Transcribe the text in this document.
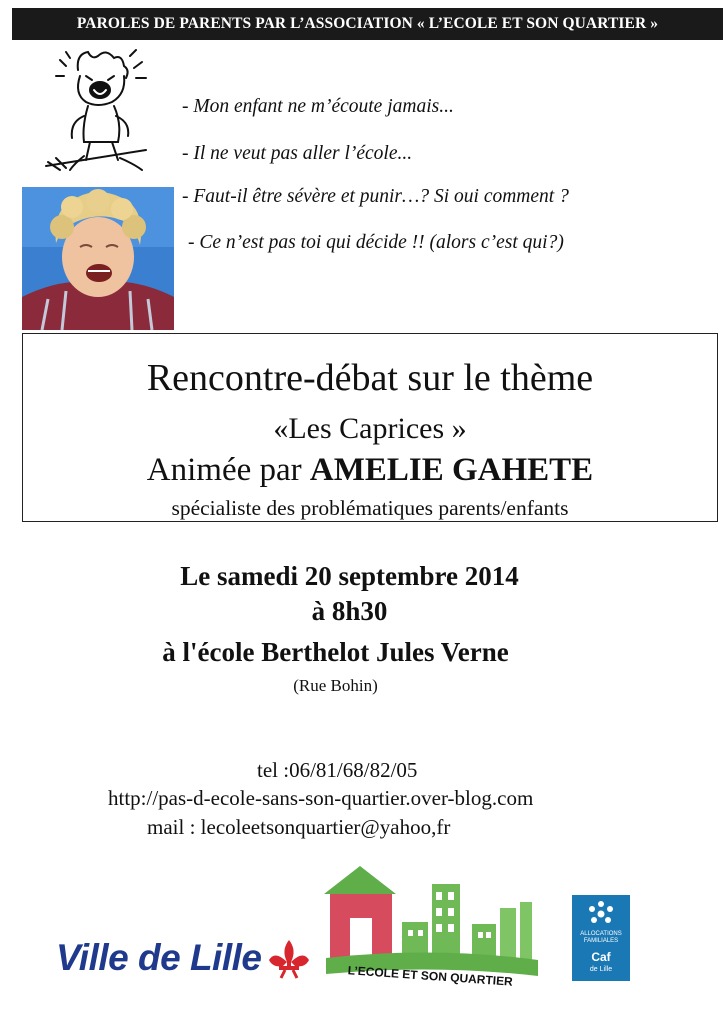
PAROLES DE PARENTS PAR L’ASSOCIATION « L’ECOLE ET SON QUARTIER »
- Mon enfant ne m’écoute jamais...
- Il ne veut pas aller l’école...
- Faut-il être sévère et punir…? Si oui comment ?
- Ce n’est pas toi qui décide !! (alors c’est qui?)
Rencontre-débat sur le thème
«Les Caprices »
Animée par AMELIE GAHETE
spécialiste des problématiques parents/enfants
Le samedi 20 septembre 2014
à 8h30
à l'école Berthelot Jules Verne
(Rue Bohin)
tel :06/81/68/82/05
http://pas-d-ecole-sans-son-quartier.over-blog.com
mail : lecoleetsonquartier@yahoo,fr
Ville de Lille	L’ECOLE ET SON QUARTIER
ALLOCATIONS
FAMILIALES
Caf
de Lille
